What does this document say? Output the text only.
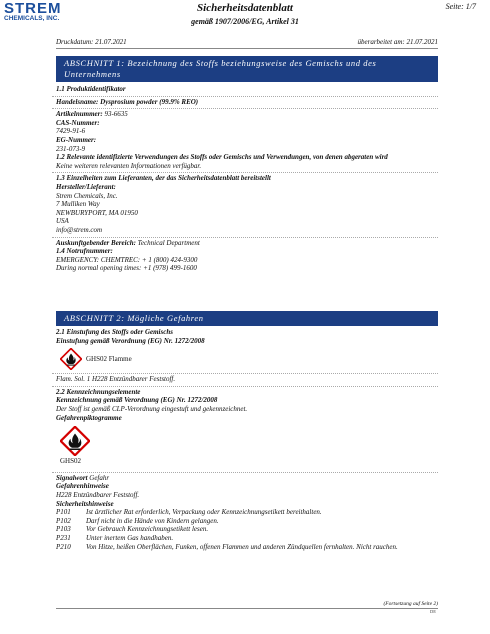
STREM
CHEMICALS, INC.
Sicherheitsdatenblatt
gemäß 1907/2006/EG, Artikel 31
Seite: 1/7
Druckdatum: 21.07.2021	überarbeitet am: 21.07.2021
ABSCHNITT 1: Bezeichnung des Stoffs beziehungsweise des Gemischs und des
Unternehmens
1.1 Produktidentifikator
Handelsname: Dysprosium powder (99.9% REO)
Artikelnummer: 93-6635
CAS-Nummer:
7429-91-6
EG-Nummer:
231-073-9
1.2 Relevante identifizierte Verwendungen des Stoffs oder Gemischs und Verwendungen, von denen abgeraten wird
Keine weiteren relevanten Informationen verfügbar.
1.3 Einzelheiten zum Lieferanten, der das Sicherheitsdatenblatt bereitstellt
Hersteller/Lieferant:
Strem Chemicals, Inc.
7 Mulliken Way
NEWBURYPORT, MA 01950
USA
info@strem.com
Auskunftgebender Bereich: Technical Department
1.4 Notrufnummer:
EMERGENCY: CHEMTREC: + 1 (800) 424-9300
During normal opening times: +1 (978) 499-1600
ABSCHNITT 2: Mögliche Gefahren
2.1 Einstufung des Stoffs oder Gemischs
Einstufung gemäß Verordnung (EG) Nr. 1272/2008
GHS02 Flamme
Flam. Sol. 1 H228 Entzündbarer Feststoff.
2.2 Kennzeichnungselemente
Kennzeichnung gemäß Verordnung (EG) Nr. 1272/2008
Der Stoff ist gemäß CLP-Verordnung eingestuft und gekennzeichnet.
Gefahrenpiktogramme
GHS02
Signalwort Gefahr
Gefahrenhinweise
H228 Entzündbarer Feststoff.
Sicherheitshinweise
P101	Ist ärztlicher Rat erforderlich, Verpackung oder Kennzeichnungsetikett bereithalten.
P102	Darf nicht in die Hände von Kindern gelangen.
P103	Vor Gebrauch Kennzeichnungsetikett lesen.
P231	Unter inertem Gas handhaben.
P210	Von Hitze, heißen Oberflächen, Funken, offenen Flammen und anderen Zündquellen fernhalten. Nicht rauchen.
(Fortsetzung auf Seite 2)
DE
